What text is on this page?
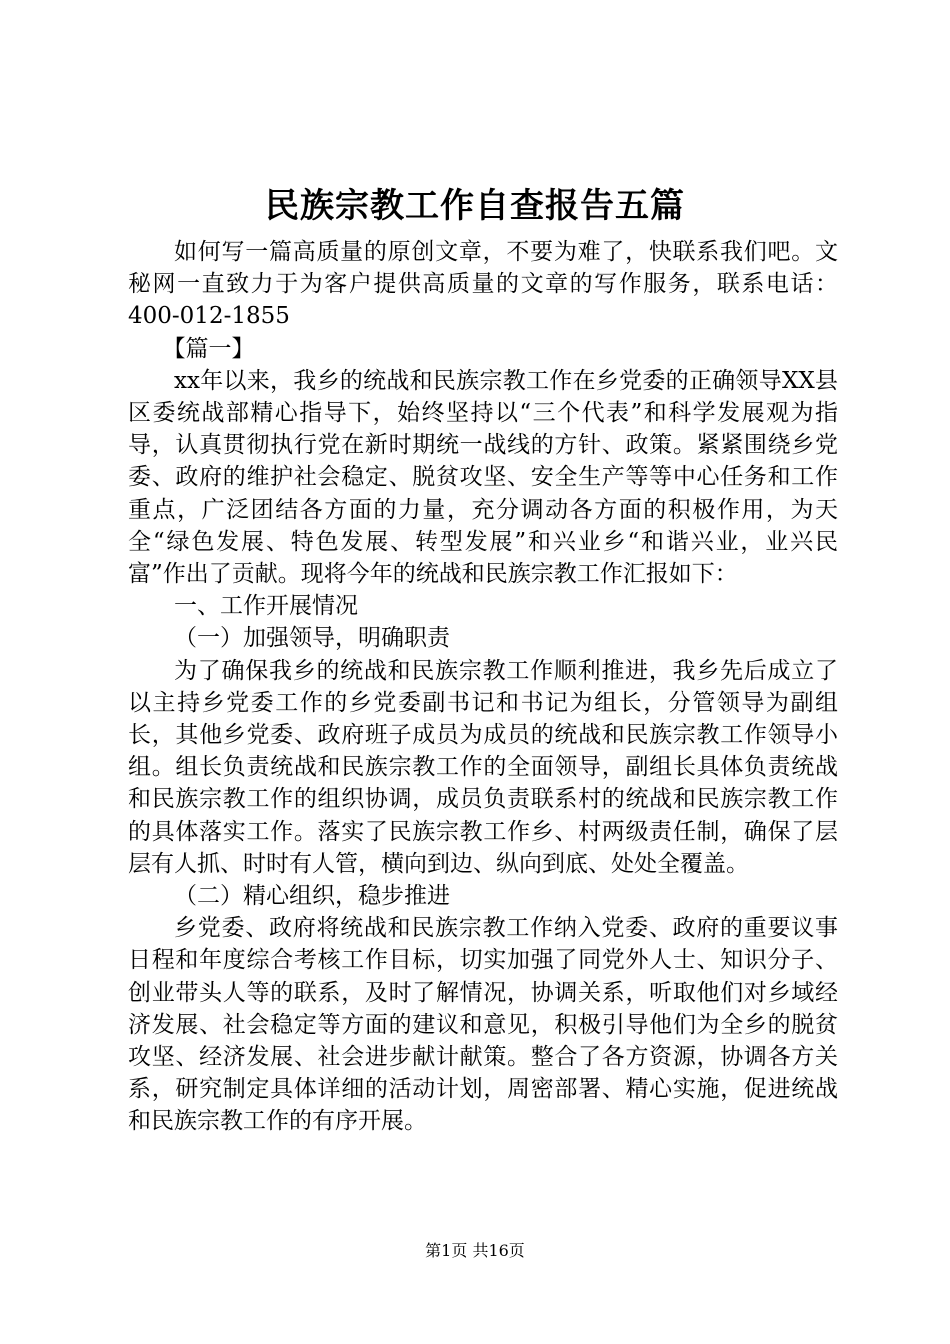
民族宗教工作自查报告五篇

如何写一篇高质量的原创文章，不要为难了，快联系我们吧。文秘网一直致力于为客户提供高质量的文章的写作服务，联系电话：400-012-1855

【篇一】

xx年以来，我乡的统战和民族宗教工作在乡党委的正确领导XX县区委统战部精心指导下，始终坚持以“三个代表”和科学发展观为指导，认真贯彻执行党在新时期统一战线的方针、政策。紧紧围绕乡党委、政府的维护社会稳定、脱贫攻坚、安全生产等等中心任务和工作重点，广泛团结各方面的力量，充分调动各方面的积极作用，为天全“绿色发展、特色发展、转型发展”和兴业乡“和谐兴业，业兴民富”作出了贡献。现将今年的统战和民族宗教工作汇报如下：

一、工作开展情况

（一）加强领导，明确职责

为了确保我乡的统战和民族宗教工作顺利推进，我乡先后成立了以主持乡党委工作的乡党委副书记和书记为组长，分管领导为副组长，其他乡党委、政府班子成员为成员的统战和民族宗教工作领导小组。组长负责统战和民族宗教工作的全面领导，副组长具体负责统战和民族宗教工作的组织协调，成员负责联系村的统战和民族宗教工作的具体落实工作。落实了民族宗教工作乡、村两级责任制，确保了层层有人抓、时时有人管，横向到边、纵向到底、处处全覆盖。

（二）精心组织，稳步推进

乡党委、政府将统战和民族宗教工作纳入党委、政府的重要议事日程和年度综合考核工作目标，切实加强了同党外人士、知识分子、创业带头人等的联系，及时了解情况，协调关系，听取他们对乡域经济发展、社会稳定等方面的建议和意见，积极引导他们为全乡的脱贫攻坚、经济发展、社会进步献计献策。整合了各方资源，协调各方关系，研究制定具体详细的活动计划，周密部署、精心实施，促进统战和民族宗教工作的有序开展。

第1页 共16页
